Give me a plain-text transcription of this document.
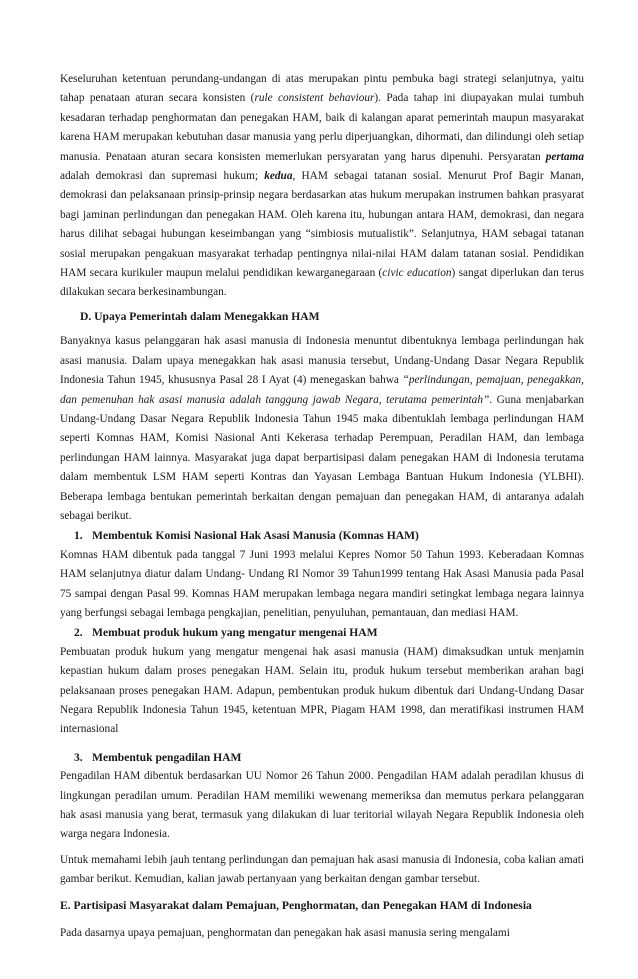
Keseluruhan ketentuan perundang-undangan di atas merupakan pintu pembuka bagi strategi selanjutnya, yaitu tahap penataan aturan secara konsisten (rule consistent behaviour). Pada tahap ini diupayakan mulai tumbuh kesadaran terhadap penghormatan dan penegakan HAM, baik di kalangan aparat pemerintah maupun masyarakat karena HAM merupakan kebutuhan dasar manusia yang perlu diperjuangkan, dihormati, dan dilindungi oleh setiap manusia. Penataan aturan secara konsisten memerlukan persyaratan yang harus dipenuhi. Persyaratan pertama adalah demokrasi dan supremasi hukum; kedua, HAM sebagai tatanan sosial. Menurut Prof Bagir Manan, demokrasi dan pelaksanaan prinsip-prinsip negara berdasarkan atas hukum merupakan instrumen bahkan prasyarat bagi jaminan perlindungan dan penegakan HAM. Oleh karena itu, hubungan antara HAM, demokrasi, dan negara harus dilihat sebagai hubungan keseimbangan yang “simbiosis mutualistik”. Selanjutnya, HAM sebagai tatanan sosial merupakan pengakuan masyarakat terhadap pentingnya nilai-nilai HAM dalam tatanan sosial. Pendidikan HAM secara kurikuler maupun melalui pendidikan kewarganegaraan (civic education) sangat diperlukan dan terus dilakukan secara berkesinambungan.

D. Upaya Pemerintah dalam Menegakkan HAM

Banyaknya kasus pelanggaran hak asasi manusia di Indonesia menuntut dibentuknya lembaga perlindungan hak asasi manusia. Dalam upaya menegakkan hak asasi manusia tersebut, Undang-Undang Dasar Negara Republik Indonesia Tahun 1945, khususnya Pasal 28 I Ayat (4) menegaskan bahwa “perlindungan, pemajuan, penegakkan, dan pemenuhan hak asasi manusia adalah tanggung jawab Negara, terutama pemerintah”. Guna menjabarkan Undang-Undang Dasar Negara Republik Indonesia Tahun 1945 maka dibentuklah lembaga perlindungan HAM seperti Komnas HAM, Komisi Nasional Anti Kekerasa terhadap Perempuan, Peradilan HAM, dan lembaga perlindungan HAM lainnya. Masyarakat juga dapat berpartisipasi dalam penegakan HAM di Indonesia terutama dalam membentuk LSM HAM seperti Kontras dan Yayasan Lembaga Bantuan Hukum Indonesia (YLBHI). Beberapa lembaga bentukan pemerintah berkaitan dengan pemajuan dan penegakan HAM, di antaranya adalah sebagai berikut.

1. Membentuk Komisi Nasional Hak Asasi Manusia (Komnas HAM)

Komnas HAM dibentuk pada tanggal 7 Juni 1993 melalui Kepres Nomor 50 Tahun 1993. Keberadaan Komnas HAM selanjutnya diatur dalam Undang- Undang RI Nomor 39 Tahun1999 tentang Hak Asasi Manusia pada Pasal 75 sampai dengan Pasal 99. Komnas HAM merupakan lembaga negara mandiri setingkat lembaga negara lainnya yang berfungsi sebagai lembaga pengkajian, penelitian, penyuluhan, pemantauan, dan mediasi HAM.

2. Membuat produk hukum yang mengatur mengenai HAM

Pembuatan produk hukum yang mengatur mengenai hak asasi manusia (HAM) dimaksudkan untuk menjamin kepastian hukum dalam proses penegakan HAM. Selain itu, produk hukum tersebut memberikan arahan bagi pelaksanaan proses penegakan HAM. Adapun, pembentukan produk hukum dibentuk dari Undang-Undang Dasar Negara Republik Indonesia Tahun 1945, ketentuan MPR, Piagam HAM 1998, dan meratifikasi instrumen HAM internasional

3. Membentuk pengadilan HAM

Pengadilan HAM dibentuk berdasarkan UU Nomor 26 Tahun 2000. Pengadilan HAM adalah peradilan khusus di lingkungan peradilan umum. Peradilan HAM memiliki wewenang memeriksa dan memutus perkara pelanggaran hak asasi manusia yang berat, termasuk yang dilakukan di luar teritorial wilayah Negara Republik Indonesia oleh warga negara Indonesia.

Untuk memahami lebih jauh tentang perlindungan dan pemajuan hak asasi manusia di Indonesia, coba kalian amati gambar berikut. Kemudian, kalian jawab pertanyaan yang berkaitan dengan gambar tersebut.

E. Partisipasi Masyarakat dalam Pemajuan, Penghormatan, dan Penegakan HAM di Indonesia

Pada dasarnya upaya pemajuan, penghormatan dan penegakan hak asasi manusia sering mengalami
